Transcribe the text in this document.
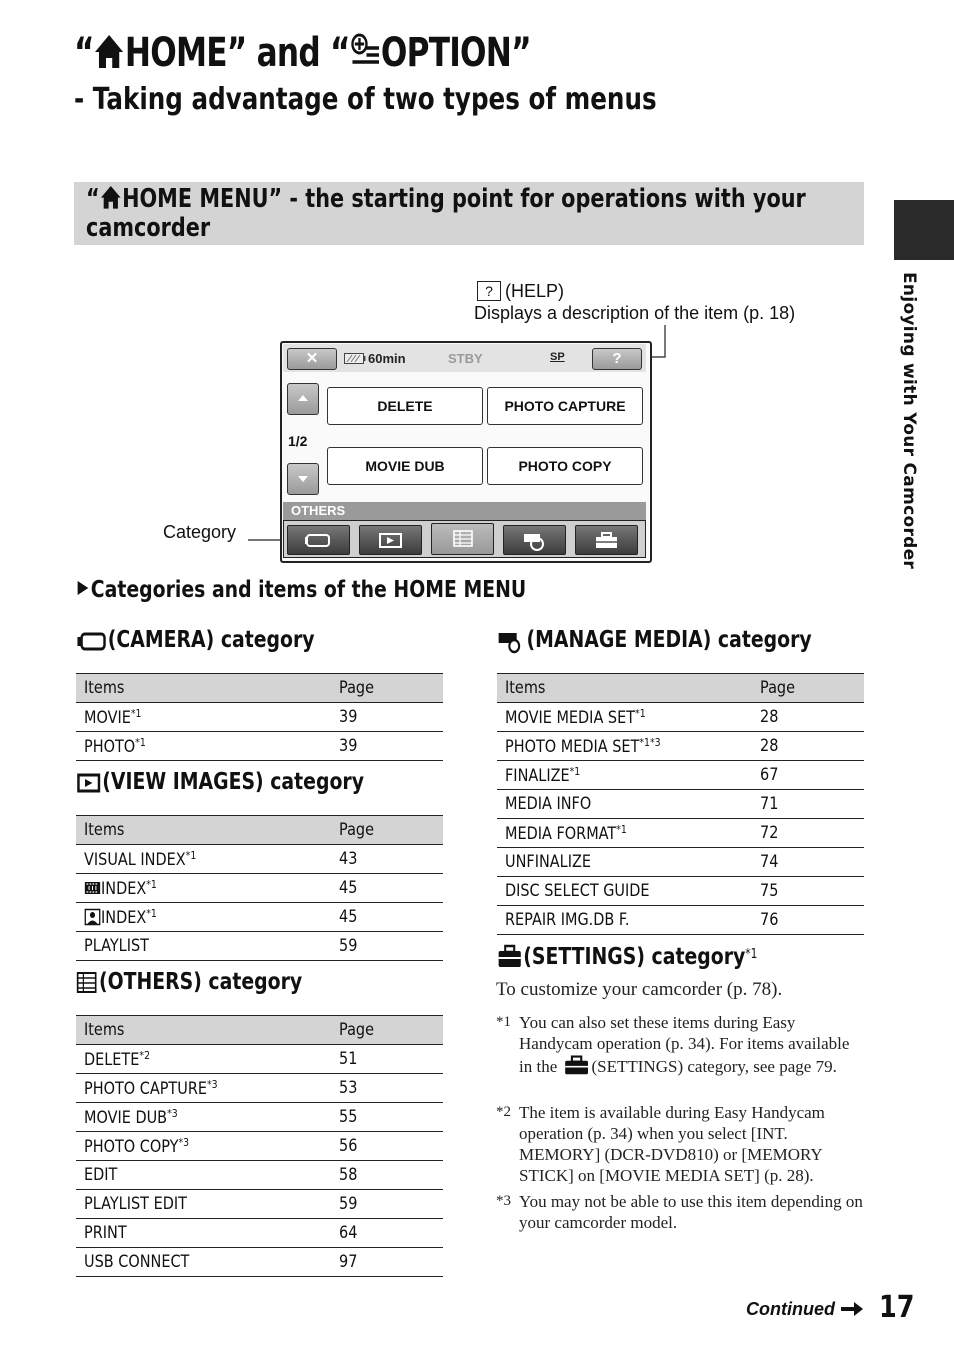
“ HOME” and “ OPTION”
- Taking advantage of two types of menus
“ HOME MENU” - the starting point for operations with your camcorder
Enjoying with Your Camcorder
? (HELP)
Displays a description of the item (p. 18)
Category
✕	60min	STBY	SP	?
1/2
DELETE	PHOTO CAPTURE
MOVIE DUB	PHOTO COPY
OTHERS
Categories and items of the HOME MENU
(CAMERA) category
Items	Page
MOVIE$^{*1}$	39
PHOTO$^{*1}$	39
(VIEW IMAGES) category
Items	Page
VISUAL INDEX$^{*1}$	43
INDEX$^{*1}$	45
INDEX$^{*1}$	45
PLAYLIST	59
(OTHERS) category
Items	Page
DELETE$^{*2}$	51
PHOTO CAPTURE$^{*3}$	53
MOVIE DUB$^{*3}$	55
PHOTO COPY$^{*3}$	56
EDIT	58
PLAYLIST EDIT	59
PRINT	64
USB CONNECT	97
(MANAGE MEDIA) category
Items	Page
MOVIE MEDIA SET$^{*1}$	28
PHOTO MEDIA SET$^{*1*3}$	28
FINALIZE$^{*1}$	67
MEDIA INFO	71
MEDIA FORMAT$^{*1}$	72
UNFINALIZE	74
DISC SELECT GUIDE	75
REPAIR IMG.DB F.	76
(SETTINGS) category$^{*1}$
To customize your camcorder (p. 78).
*1 You can also set these items during Easy Handycam operation (p. 34). For items available in the (SETTINGS) category, see page 79.
*2 The item is available during Easy Handycam operation (p. 34) when you select [INT. MEMORY] (DCR-DVD810) or [MEMORY STICK] on [MOVIE MEDIA SET] (p. 28).
*3 You may not be able to use this item depending on your camcorder model.
Continued	17
